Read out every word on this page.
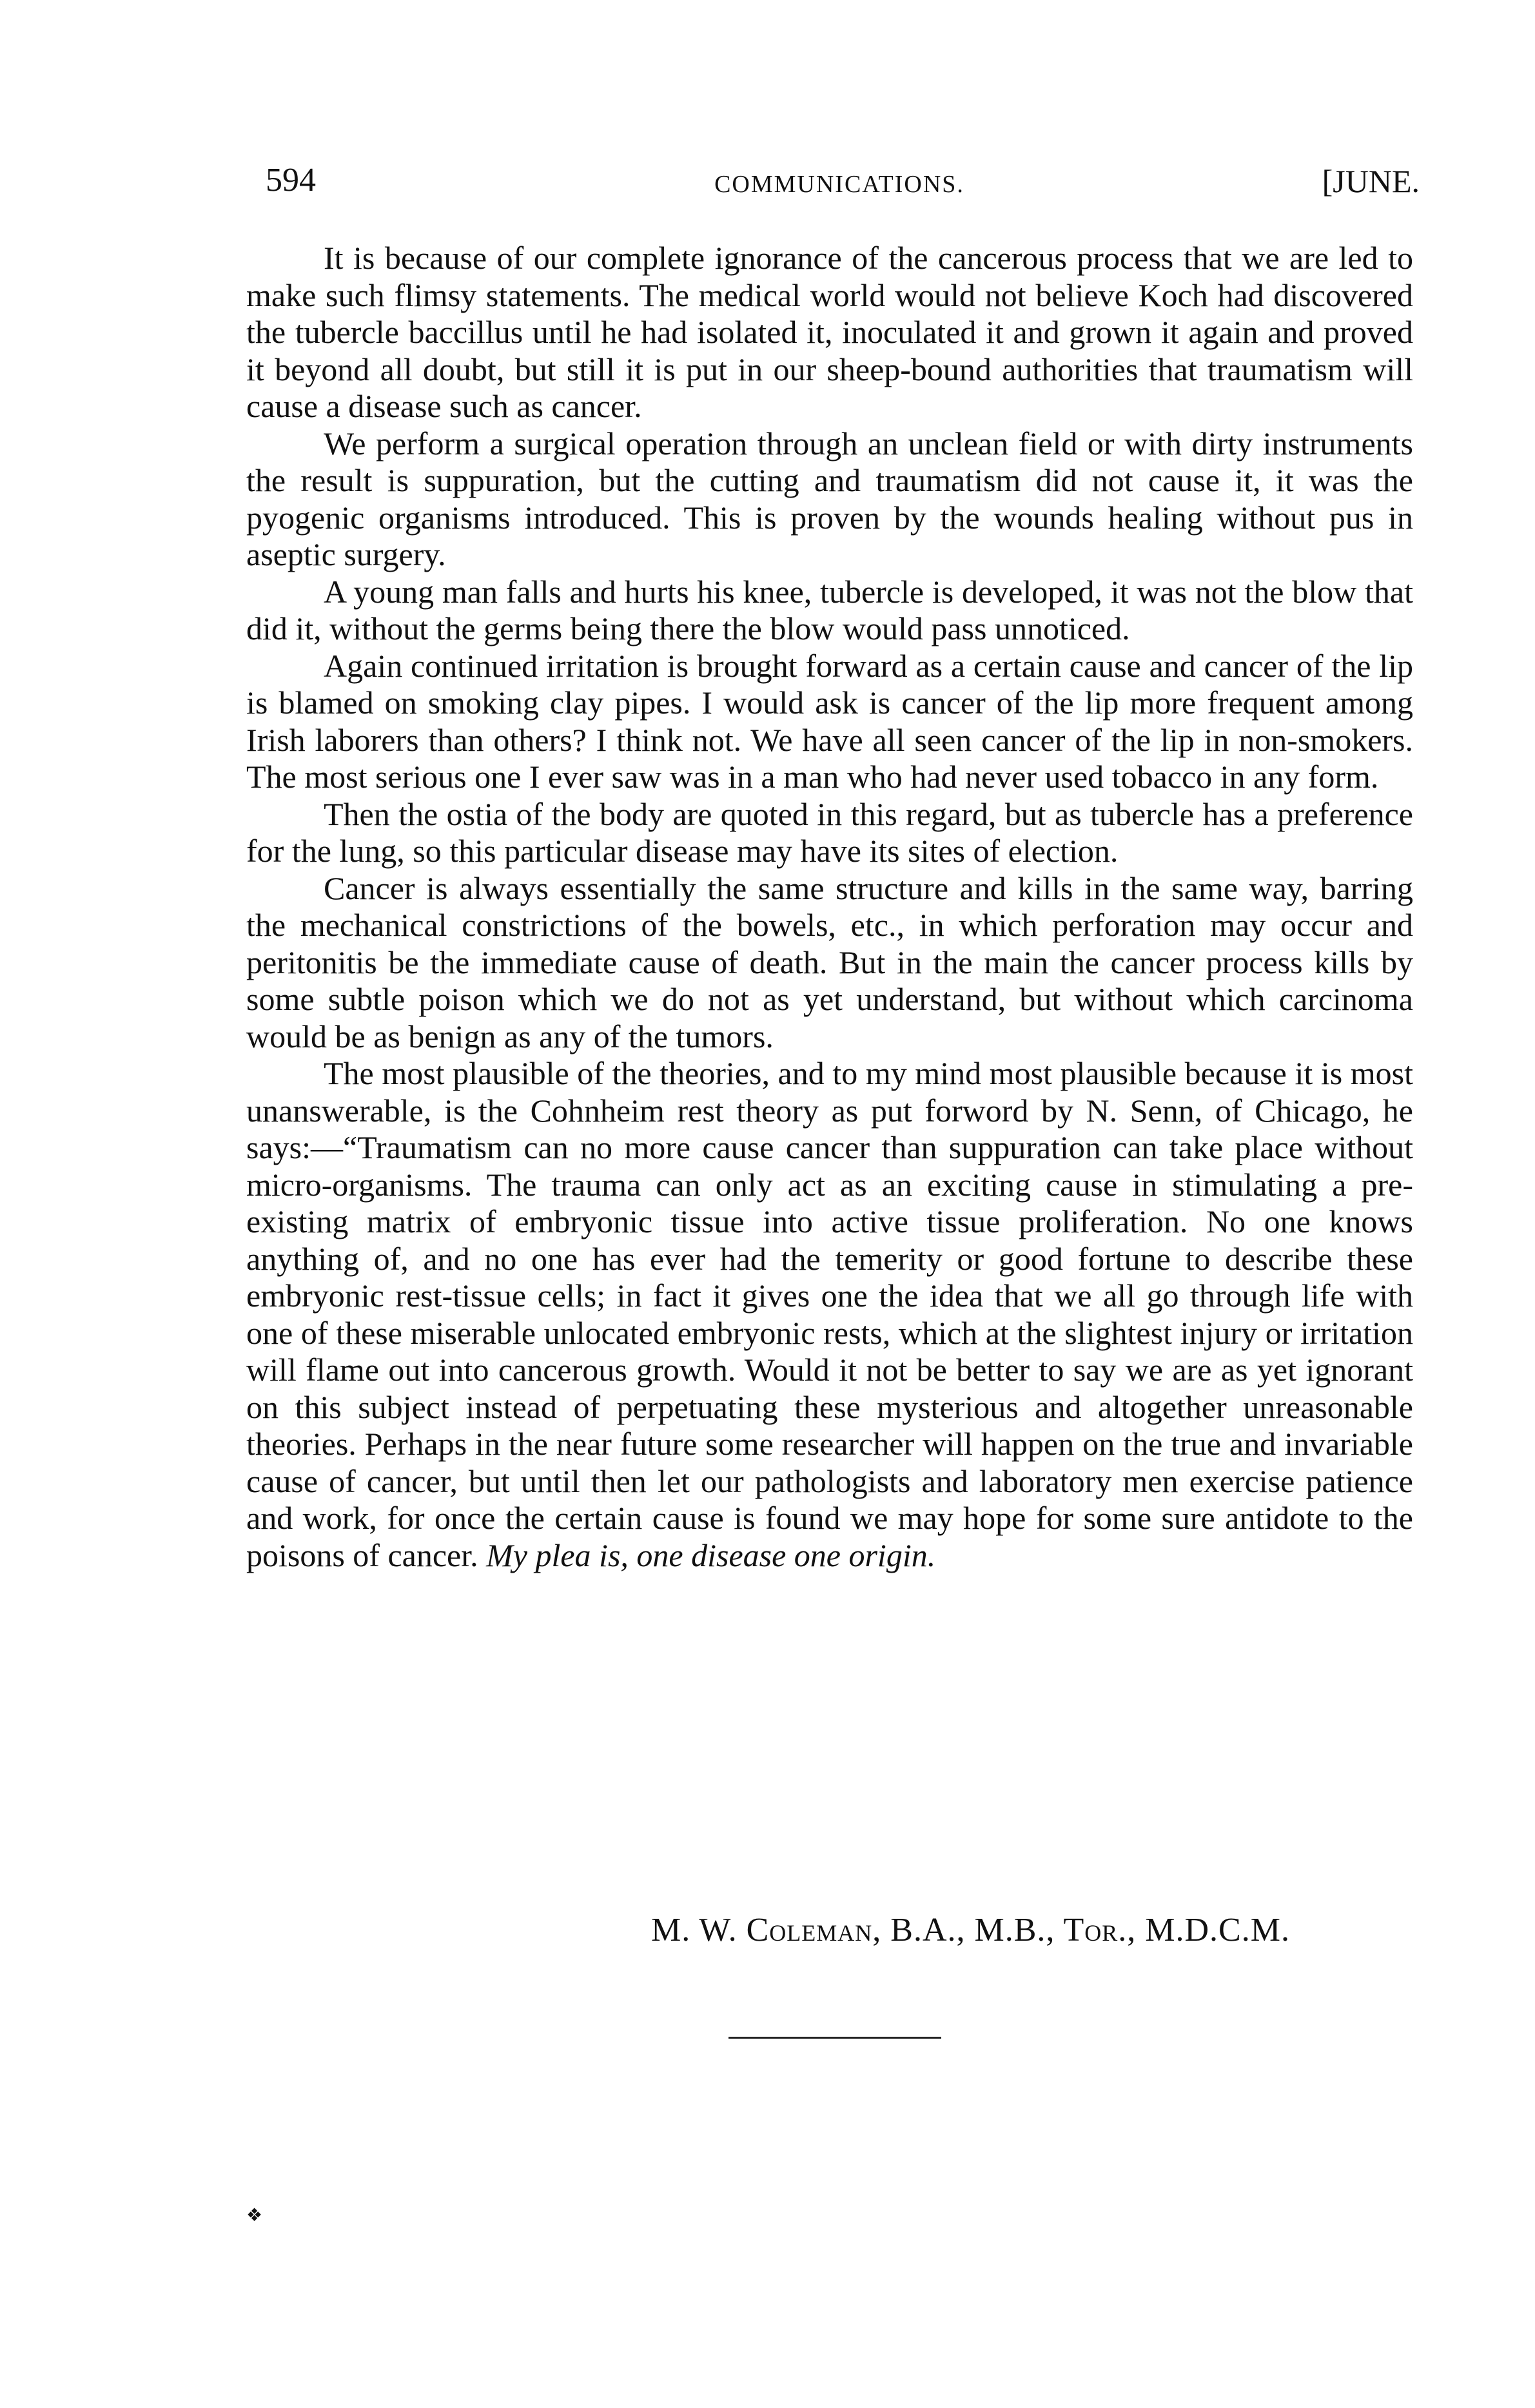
594	COMMUNICATIONS.	[JUNE.

It is because of our complete ignorance of the cancerous process that we are led to make such flimsy statements. The medical world would not believe Koch had discovered the tubercle baccillus until he had isolated it, inoculated it and grown it again and proved it beyond all doubt, but still it is put in our sheep-bound authorities that traumatism will cause a disease such as cancer.

We perform a surgical operation through an unclean field or with dirty instruments the result is suppuration, but the cutting and traumatism did not cause it, it was the pyogenic organisms introduced. This is proven by the wounds healing without pus in aseptic surgery.

A young man falls and hurts his knee, tubercle is developed, it was not the blow that did it, without the germs being there the blow would pass unnoticed.

Again continued irritation is brought forward as a certain cause and cancer of the lip is blamed on smoking clay pipes. I would ask is cancer of the lip more frequent among Irish laborers than others? I think not. We have all seen cancer of the lip in non-smokers. The most serious one I ever saw was in a man who had never used tobacco in any form.

Then the ostia of the body are quoted in this regard, but as tubercle has a preference for the lung, so this particular disease may have its sites of election.

Cancer is always essentially the same structure and kills in the same way, barring the mechanical constrictions of the bowels, etc., in which perforation may occur and peritonitis be the immediate cause of death. But in the main the cancer process kills by some subtle poison which we do not as yet understand, but without which carcinoma would be as benign as any of the tumors.

The most plausible of the theories, and to my mind most plausible because it is most unanswerable, is the Cohnheim rest theory as put forword by N. Senn, of Chicago, he says:—“Traumatism can no more cause cancer than suppuration can take place without micro-organisms. The trauma can only act as an exciting cause in stimulating a pre-existing matrix of embryonic tissue into active tissue proliferation. No one knows anything of, and no one has ever had the temerity or good fortune to describe these embryonic rest-tissue cells; in fact it gives one the idea that we all go through life with one of these miserable unlocated embryonic rests, which at the slightest injury or irritation will flame out into cancerous growth. Would it not be better to say we are as yet ignorant on this subject instead of perpetuating these mysterious and altogether unreasonable theories. Perhaps in the near future some researcher will happen on the true and invariable cause of cancer, but until then let our pathologists and laboratory men exercise patience and work, for once the certain cause is found we may hope for some sure antidote to the poisons of cancer. My plea is, one disease one origin.

M. W. Coleman, B.A., M.B., Tor., M.D.C.M.
❖
